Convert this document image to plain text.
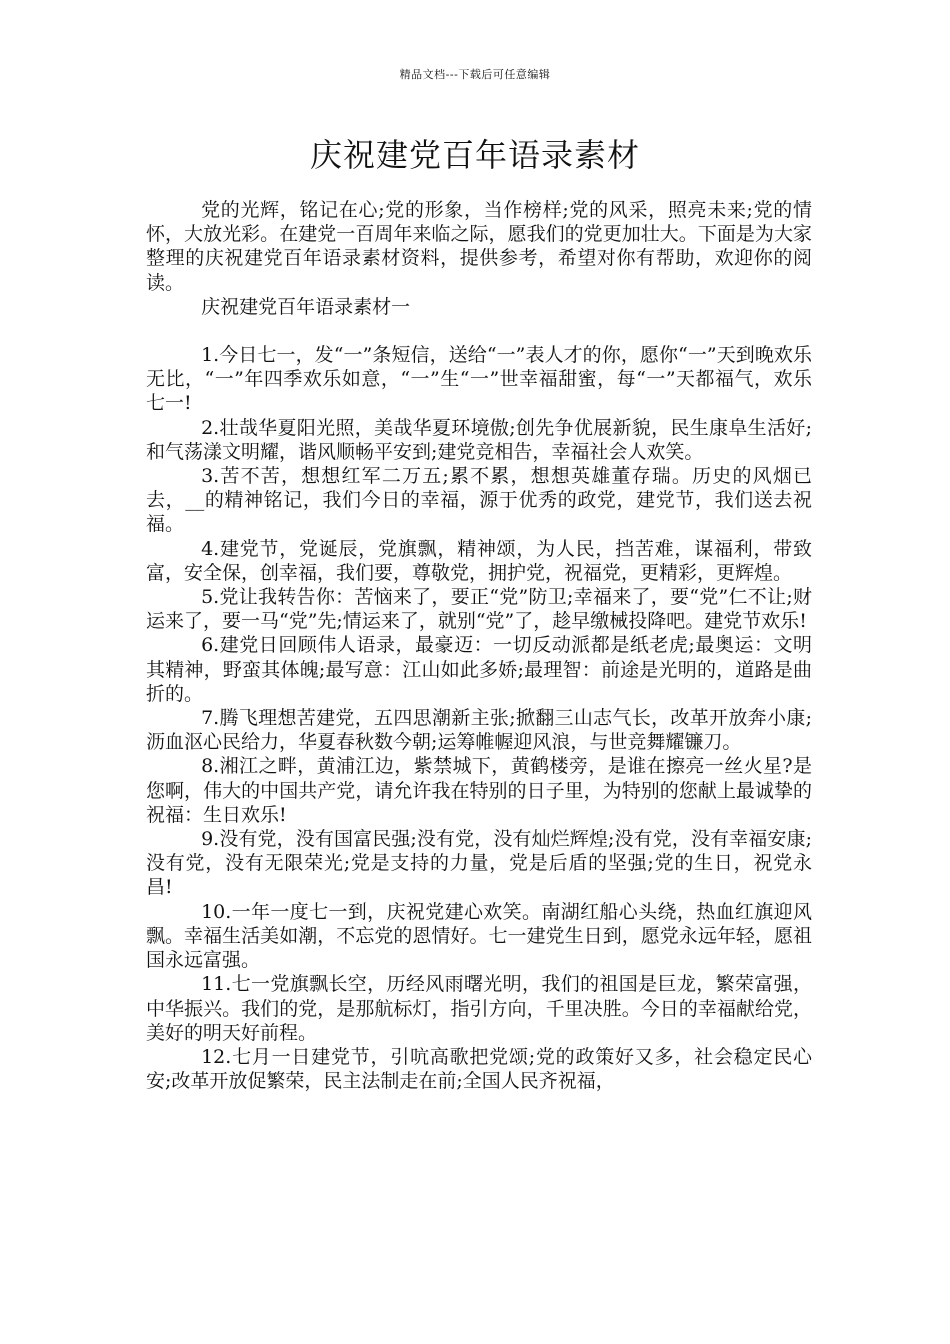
精品文档---下载后可任意编辑
庆祝建党百年语录素材

党的光辉，铭记在心;党的形象，当作榜样;党的风采，照亮未来;党的情怀，大放光彩。在建党一百周年来临之际，愿我们的党更加壮大。下面是为大家整理的庆祝建党百年语录素材资料，提供参考，希望对你有帮助，欢迎你的阅读。

庆祝建党百年语录素材一

1.今日七一，发“一”条短信，送给“一”表人才的你，愿你“一”天到晚欢乐无比，“一”年四季欢乐如意，“一”生“一”世幸福甜蜜，每“一”天都福气，欢乐七一!

2.壮哉华夏阳光照，美哉华夏环境傲;创先争优展新貌，民生康阜生活好;和气荡漾文明耀，谐风顺畅平安到;建党竞相告，幸福社会人欢笑。

3.苦不苦，想想红军二万五;累不累，想想英雄董存瑞。历史的风烟已去，__的精神铭记，我们今日的幸福，源于优秀的政党，建党节，我们送去祝福。

4.建党节，党诞辰，党旗飘，精神颂，为人民，挡苦难，谋福利，带致富，安全保，创幸福，我们要，尊敬党，拥护党，祝福党，更精彩，更辉煌。

5.党让我转告你：苦恼来了，要正“党”防卫;幸福来了，要“党”仁不让;财运来了，要一马“党”先;情运来了，就别“党”了，趁早缴械投降吧。建党节欢乐!

6.建党日回顾伟人语录，最豪迈：一切反动派都是纸老虎;最奥运：文明其精神，野蛮其体魄;最写意：江山如此多娇;最理智：前途是光明的，道路是曲折的。

7.腾飞理想苦建党，五四思潮新主张;掀翻三山志气长，改革开放奔小康;沥血沤心民给力，华夏春秋数今朝;运筹帷幄迎风浪，与世竞舞耀镰刀。

8.湘江之畔，黄浦江边，紫禁城下，黄鹤楼旁，是谁在擦亮一丝火星?是您啊，伟大的中国共产党，请允许我在特别的日子里，为特别的您献上最诚挚的祝福：生日欢乐!

9.没有党，没有国富民强;没有党，没有灿烂辉煌;没有党，没有幸福安康;没有党，没有无限荣光;党是支持的力量，党是后盾的坚强;党的生日，祝党永昌!

10.一年一度七一到，庆祝党建心欢笑。南湖红船心头绕，热血红旗迎风飘。幸福生活美如潮，不忘党的恩情好。七一建党生日到，愿党永远年轻，愿祖国永远富强。

11.七一党旗飘长空，历经风雨曙光明，我们的祖国是巨龙，繁荣富强，中华振兴。我们的党，是那航标灯，指引方向，千里决胜。今日的幸福献给党，美好的明天好前程。

12.七月一日建党节，引吭高歌把党颂;党的政策好又多，社会稳定民心安;改革开放促繁荣，民主法制走在前;全国人民齐祝福，
